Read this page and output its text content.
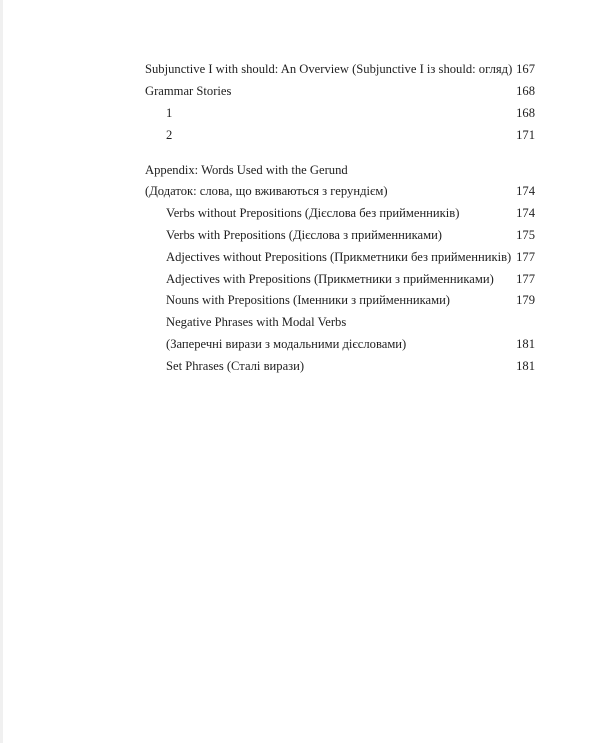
Subjunctive I with should: An Overview (Subjunctive I із should: огляд) 167
Grammar Stories	168
1	168
2	171
Appendix: Words Used with the Gerund
(Додаток: слова, що вживаються з герундієм)	174
Verbs without Prepositions (Дієслова без прийменників)	174
Verbs with Prepositions (Дієслова з прийменниками)	175
Adjectives without Prepositions (Прикметники без прийменників) 177
Adjectives with Prepositions (Прикметники з прийменниками) 177
Nouns with Prepositions (Іменники з прийменниками)	179
Negative Phrases with Modal Verbs
(Заперечні вирази з модальними дієсловами)	181
Set Phrases (Сталі вирази)	181
